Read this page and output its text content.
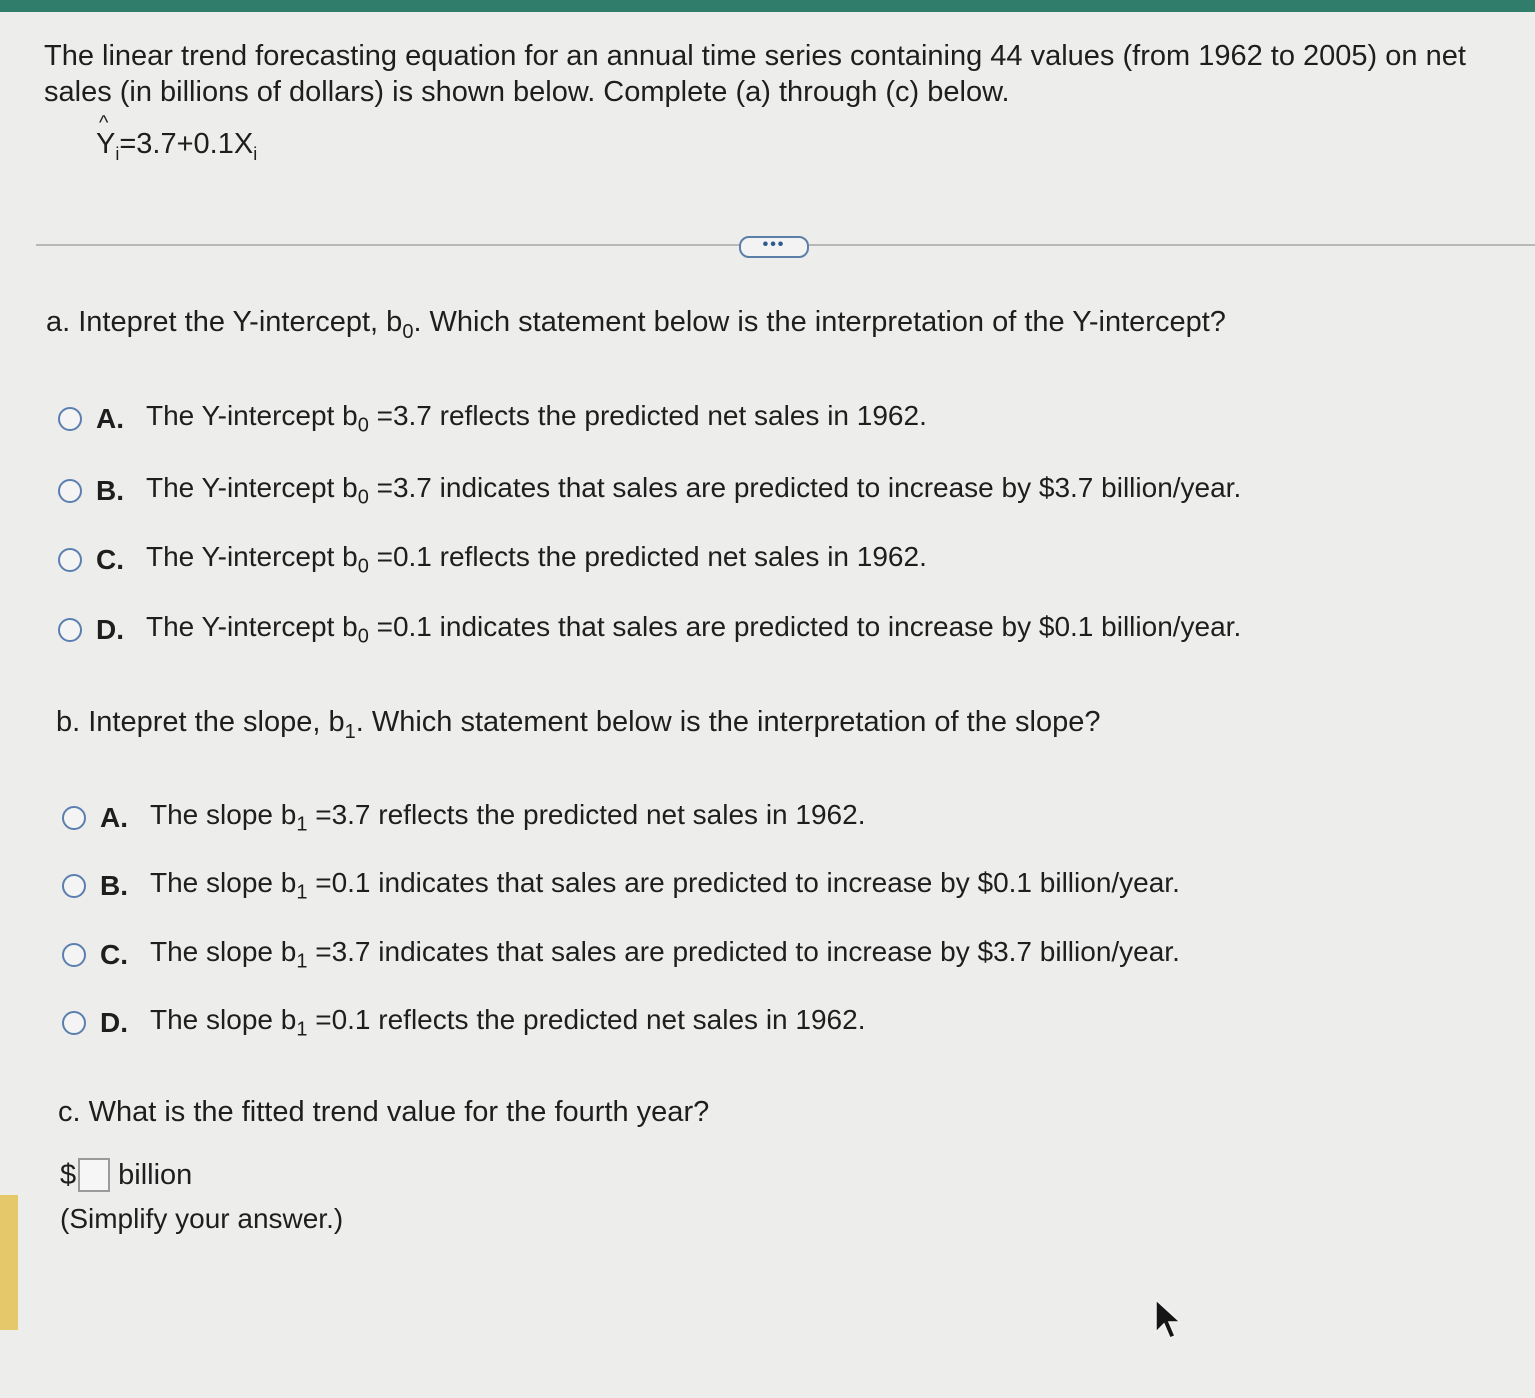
The linear trend forecasting equation for an annual time series containing 44 values (from 1962 to 2005) on net sales (in billions of dollars) is shown below. Complete (a) through (c) below.
^
$Y_i=3.7+0.1X_i$
•••
a. Intepret the Y-intercept, $b_0$. Which statement below is the interpretation of the Y-intercept?
A. The Y-intercept $b_0 =3.7$ reflects the predicted net sales in 1962.
B. The Y-intercept $b_0 =3.7$ indicates that sales are predicted to increase by $3.7 billion/year.
C. The Y-intercept $b_0 =0.1$ reflects the predicted net sales in 1962.
D. The Y-intercept $b_0 =0.1$ indicates that sales are predicted to increase by $0.1 billion/year.
b. Intepret the slope, $b_1$. Which statement below is the interpretation of the slope?
A. The slope $b_1 =3.7$ reflects the predicted net sales in 1962.
B. The slope $b_1 =0.1$ indicates that sales are predicted to increase by $0.1 billion/year.
C. The slope $b_1 =3.7$ indicates that sales are predicted to increase by $3.7 billion/year.
D. The slope $b_1 =0.1$ reflects the predicted net sales in 1962.
c. What is the fitted trend value for the fourth year?
$ billion
(Simplify your answer.)
